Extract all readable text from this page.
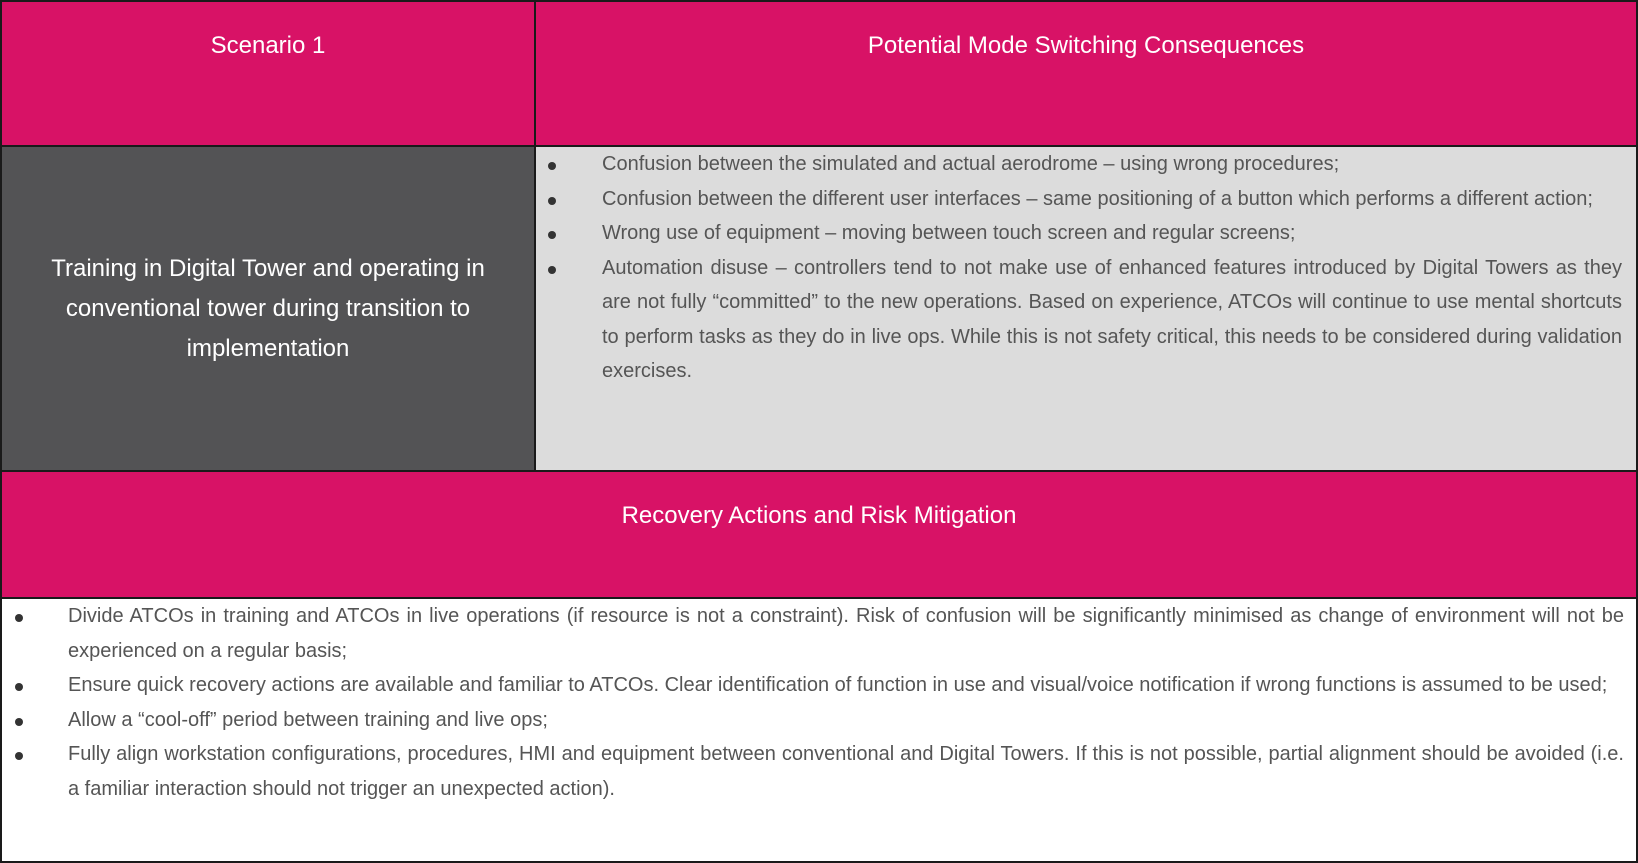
Scenario 1	Potential Mode Switching Consequences
Training in Digital Tower and operating in conventional tower during transition to implementation
Confusion between the simulated and actual aerodrome – using wrong procedures;
Confusion between the different user interfaces – same positioning of a button which performs a different action;
Wrong use of equipment – moving between touch screen and regular screens;
Automation disuse – controllers tend to not make use of enhanced features introduced by Digital Towers as they are not fully “committed” to the new operations. Based on experience, ATCOs will continue to use mental shortcuts to perform tasks as they do in live ops. While this is not safety critical, this needs to be considered during validation exercises.
Recovery Actions and Risk Mitigation
Divide ATCOs in training and ATCOs in live operations (if resource is not a constraint). Risk of confusion will be significantly minimised as change of environment will not be experienced on a regular basis;
Ensure quick recovery actions are available and familiar to ATCOs. Clear identification of function in use and visual/voice notification if wrong functions is assumed to be used;
Allow a “cool-off” period between training and live ops;
Fully align workstation configurations, procedures, HMI and equipment between conventional and Digital Towers. If this is not possible, partial alignment should be avoided (i.e. a familiar interaction should not trigger an unexpected action).
